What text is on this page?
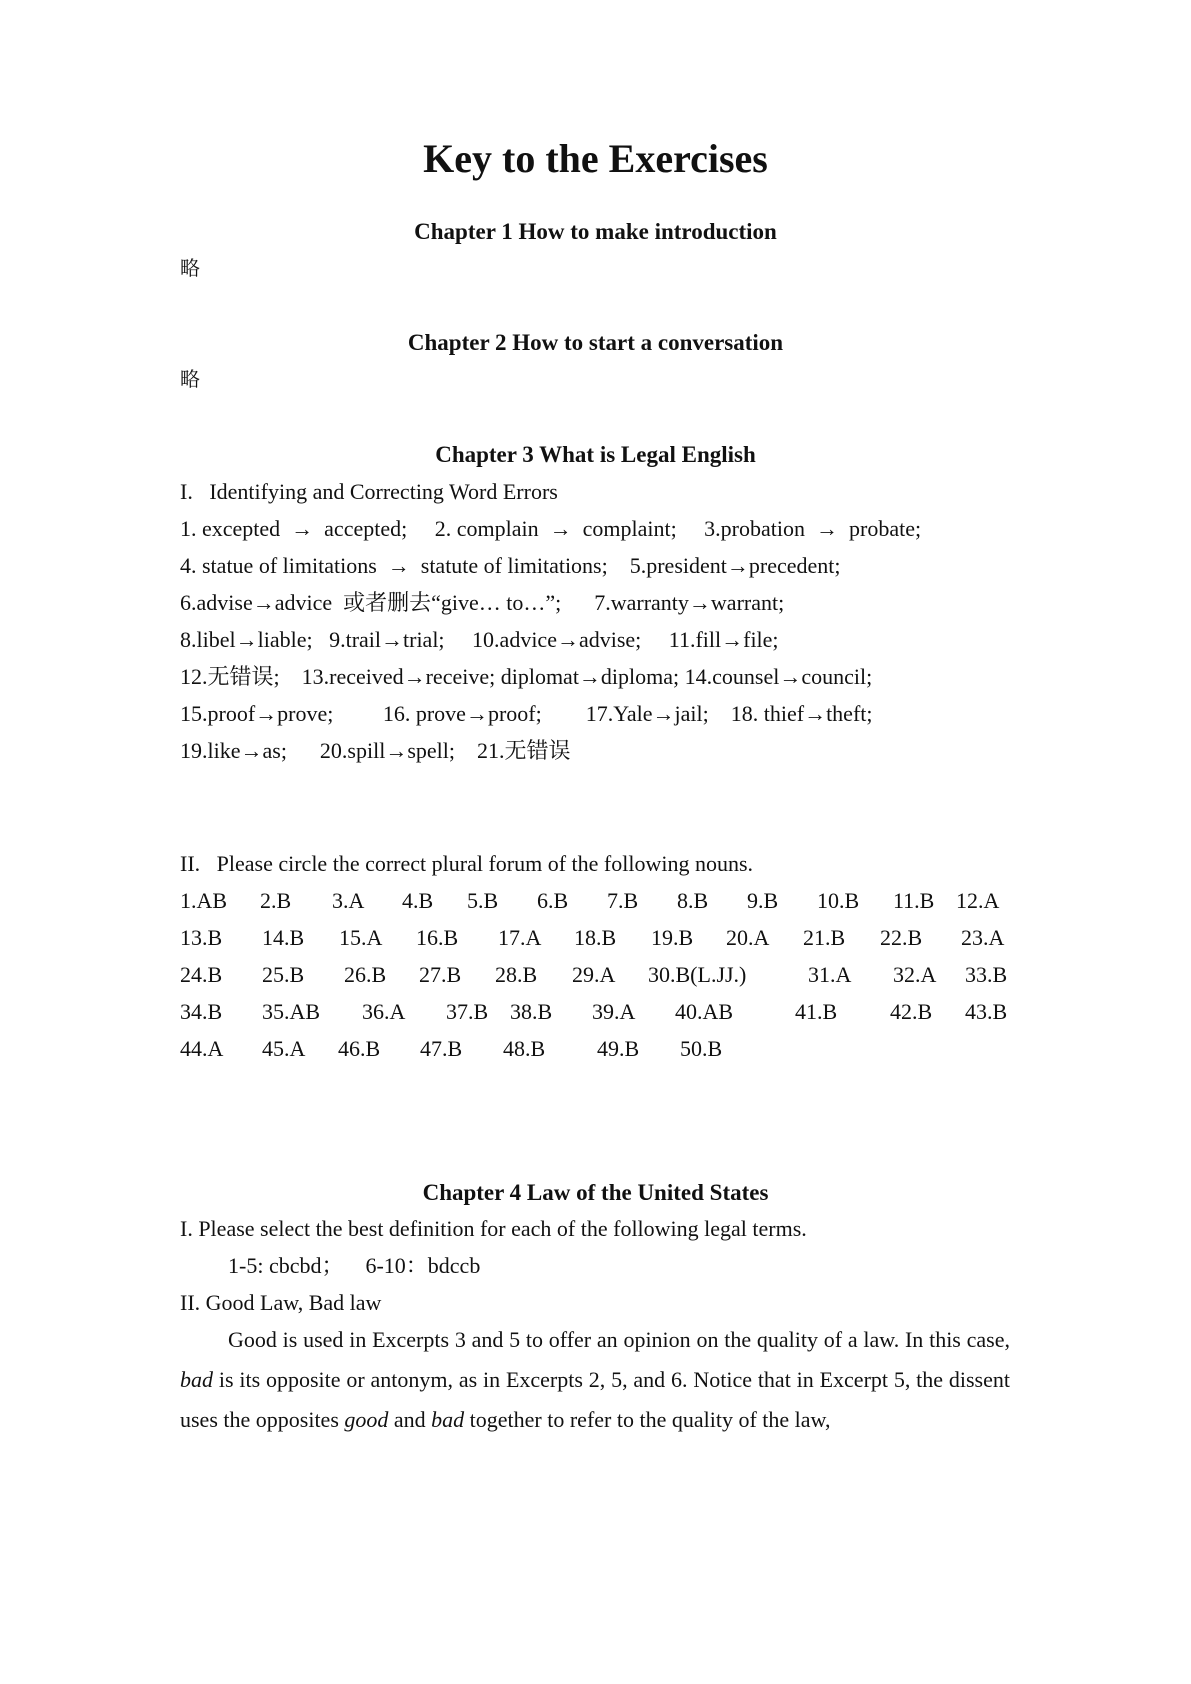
Key to the Exercises
Chapter 1 How to make introduction
略
Chapter 2 How to start a conversation
略
Chapter 3 What is Legal English
I.   Identifying and Correcting Word Errors
1. excepted  →  accepted;     2. complain  →  complaint;     3.probation  →  probate;
4. statue of limitations  →  statute of limitations;    5.president→precedent;
6.advise→advice  或者删去“give… to…”;      7.warranty→warrant;
8.libel→liable;   9.trail→trial;     10.advice→advise;     11.fill→file;
12.无错误;    13.received→receive; diplomat→diploma; 14.counsel→council;
15.proof→prove;         16. prove→proof;        17.Yale→jail;    18. thief→theft;
19.like→as;      20.spill→spell;    21.无错误
II.   Please circle the correct plural forum of the following nouns.
1.AB 2.B 3.A 4.B 5.B 6.B 7.B 8.B 9.B 10.B 11.B 12.A
13.B 14.B 15.A 16.B 17.A 18.B 19.B 20.A 21.B 22.B 23.A
24.B 25.B 26.B 27.B 28.B 29.A 30.B(L.JJ.)	31.A 32.A 33.B
34.B 35.AB 36.A 37.B 38.B 39.A 40.AB	41.B 42.B 43.B
44.A 45.A 46.B 47.B 48.B 49.B 50.B
Chapter 4 Law of the United States
I. Please select the best definition for each of the following legal terms.
1-5: cbcbd；    6-10：bdccb
II. Good Law, Bad law
Good is used in Excerpts 3 and 5 to offer an opinion on the quality of a law. In this case, bad is its opposite or antonym, as in Excerpts 2, 5, and 6. Notice that in Excerpt 5, the dissent uses the opposites good and bad together to refer to the quality of the law,
